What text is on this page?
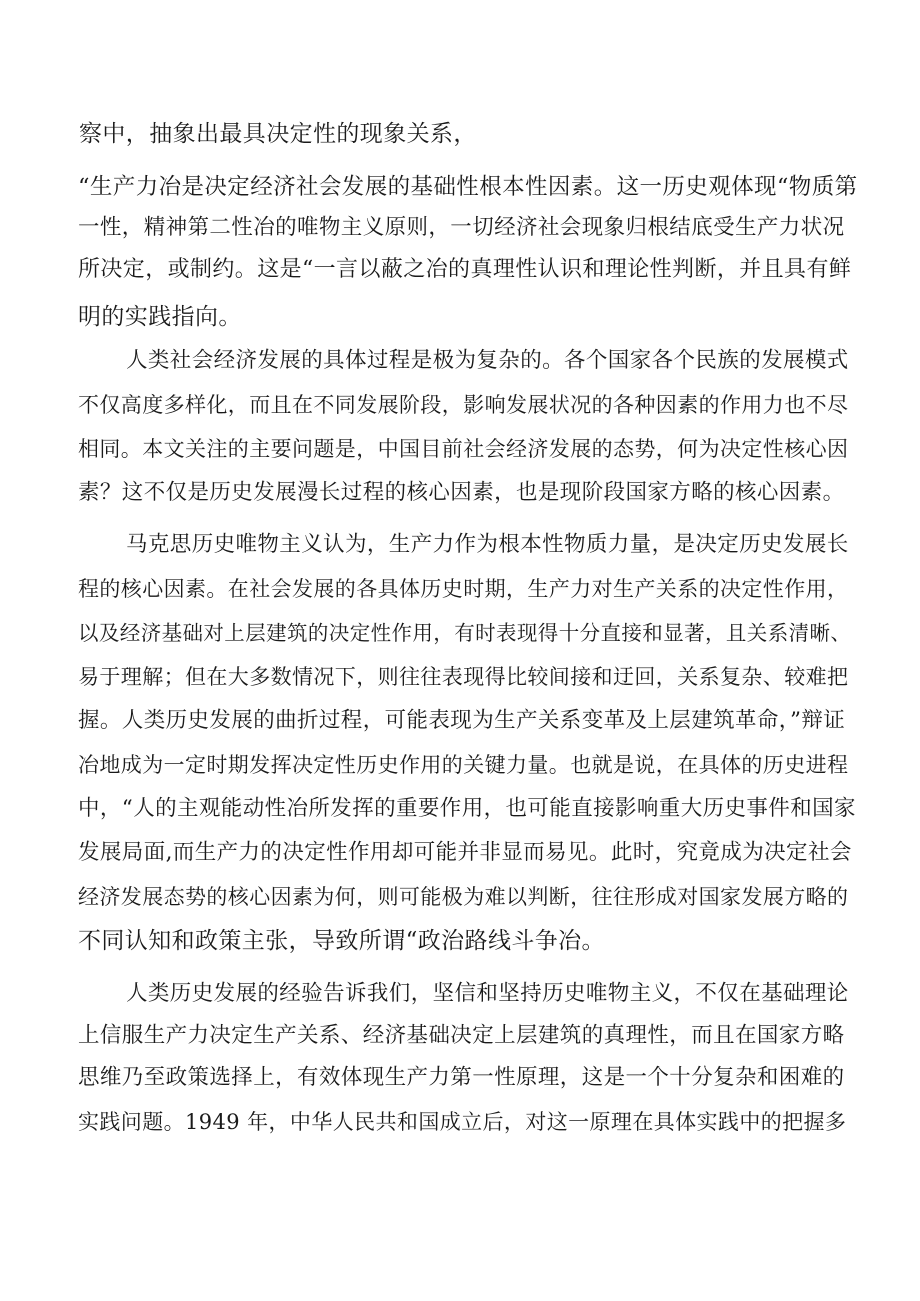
察中，抽象出最具决定性的现象关系，
“生产力冶是决定经济社会发展的基础性根本性因素。这一历史观体现“物质第
一性，精神第二性冶的唯物主义原则，一切经济社会现象归根结底受生产力状况
所决定，或制约。这是“一言以蔽之冶的真理性认识和理论性判断，并且具有鲜
明的实践指向。
人类社会经济发展的具体过程是极为复杂的。各个国家各个民族的发展模式
不仅高度多样化，而且在不同发展阶段，影响发展状况的各种因素的作用力也不尽
相同。本文关注的主要问题是，中国目前社会经济发展的态势，何为决定性核心因
素？这不仅是历史发展漫长过程的核心因素，也是现阶段国家方略的核心因素。
马克思历史唯物主义认为，生产力作为根本性物质力量，是决定历史发展长
程的核心因素。在社会发展的各具体历史时期，生产力对生产关系的决定性作用，
以及经济基础对上层建筑的决定性作用，有时表现得十分直接和显著，且关系清晰、
易于理解；但在大多数情况下，则往往表现得比较间接和迂回，关系复杂、较难把
握。人类历史发展的曲折过程，可能表现为生产关系变革及上层建筑革命，”辩证
冶地成为一定时期发挥决定性历史作用的关键力量。也就是说，在具体的历史进程
中，“人的主观能动性冶所发挥的重要作用，也可能直接影响重大历史事件和国家
发展局面,而生产力的决定性作用却可能并非显而易见。此时，究竟成为决定社会
经济发展态势的核心因素为何，则可能极为难以判断，往往形成对国家发展方略的
不同认知和政策主张，导致所谓“政治路线斗争冶。
人类历史发展的经验告诉我们，坚信和坚持历史唯物主义，不仅在基础理论
上信服生产力决定生产关系、经济基础决定上层建筑的真理性，而且在国家方略
思维乃至政策选择上，有效体现生产力第一性原理，这是一个十分复杂和困难的
实践问题。1949 年，中华人民共和国成立后，对这一原理在具体实践中的把握多
